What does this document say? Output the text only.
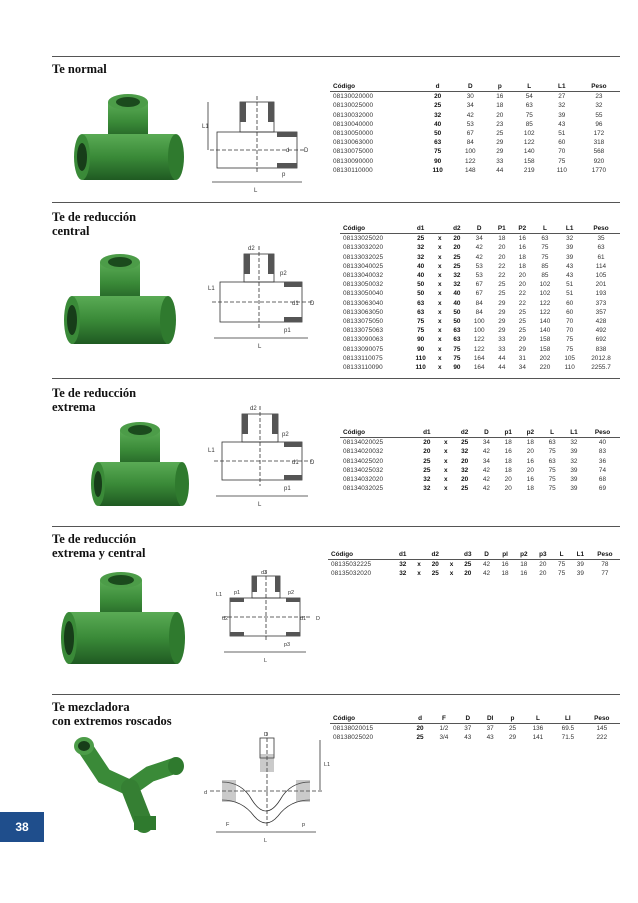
Te normal
L1
d D
p
L
Código	d	D	p	L	L1	Peso
08130020000	20	30	16	54	27	23
08130025000	25	34	18	63	32	32
08130032000	32	42	20	75	39	55
08130040000	40	53	23	85	43	96
08130050000	50	67	25	102	51	172
08130063000	63	84	29	122	60	318
08130075000	75	100	29	140	70	568
08130090000	90	122	33	158	75	920
08130110000	110	148	44	219	110	1770
Te de reducción
central
d2
p2
L1
d1 D
p1
L
Código	d1		d2	D	P1	P2	L	L1	Peso
08133025020	25	x	20	34	18	16	63	32	35
08133032020	32	x	20	42	20	16	75	39	63
08133032025	32	x	25	42	20	18	75	39	61
08133040025	40	x	25	53	22	18	85	43	114
08133040032	40	x	32	53	22	20	85	43	105
08133050032	50	x	32	67	25	20	102	51	201
08133050040	50	x	40	67	25	22	102	51	193
08133063040	63	x	40	84	29	22	122	60	373
08133063050	63	x	50	84	29	25	122	60	357
08133075050	75	x	50	100	29	25	140	70	428
08133075063	75	x	63	100	29	25	140	70	492
08133090063	90	x	63	122	33	29	158	75	692
08133090075	90	x	75	122	33	29	158	75	838
08133110075	110	x	75	164	44	31	202	105	2012.8
08133110090	110	x	90	164	44	34	220	110	2255.7
Te de reducción
extrema	d2
p2
L1
d1 D
p1
L
Código	d1		d2	D	p1	p2	L	L1	Peso
08134020025	20	x	25	34	18	18	63	32	40
08134020032	20	x	32	42	16	20	75	39	83
08134025020	25	x	20	34	18	16	63	32	36
08134025032	25	x	32	42	18	20	75	39	74
08134032020	32	x	20	42	20	16	75	39	68
08134032025	32	x	25	42	20	18	75	39	69
Te de reducción
extrema y central
d3
L1 p1	p2
d2	d1 D
p3
L
Código	d1		d2		d3	D	pl	p2	p3	L	L1	Peso
08135032225	32	x	20	x	25	42	16	18	20	75	39	78
08135032020	32	x	25	x	20	42	18	16	20	75	39	77
Te mezcladora
con extremos roscados
D
L1
d
F	p
L
Código	d	F	D	DI	p	L	LI	Peso
08138020015	20	1/2	37	37	25	136	69.5	145
08138025020	25	3/4	43	43	29	141	71.5	222
38
